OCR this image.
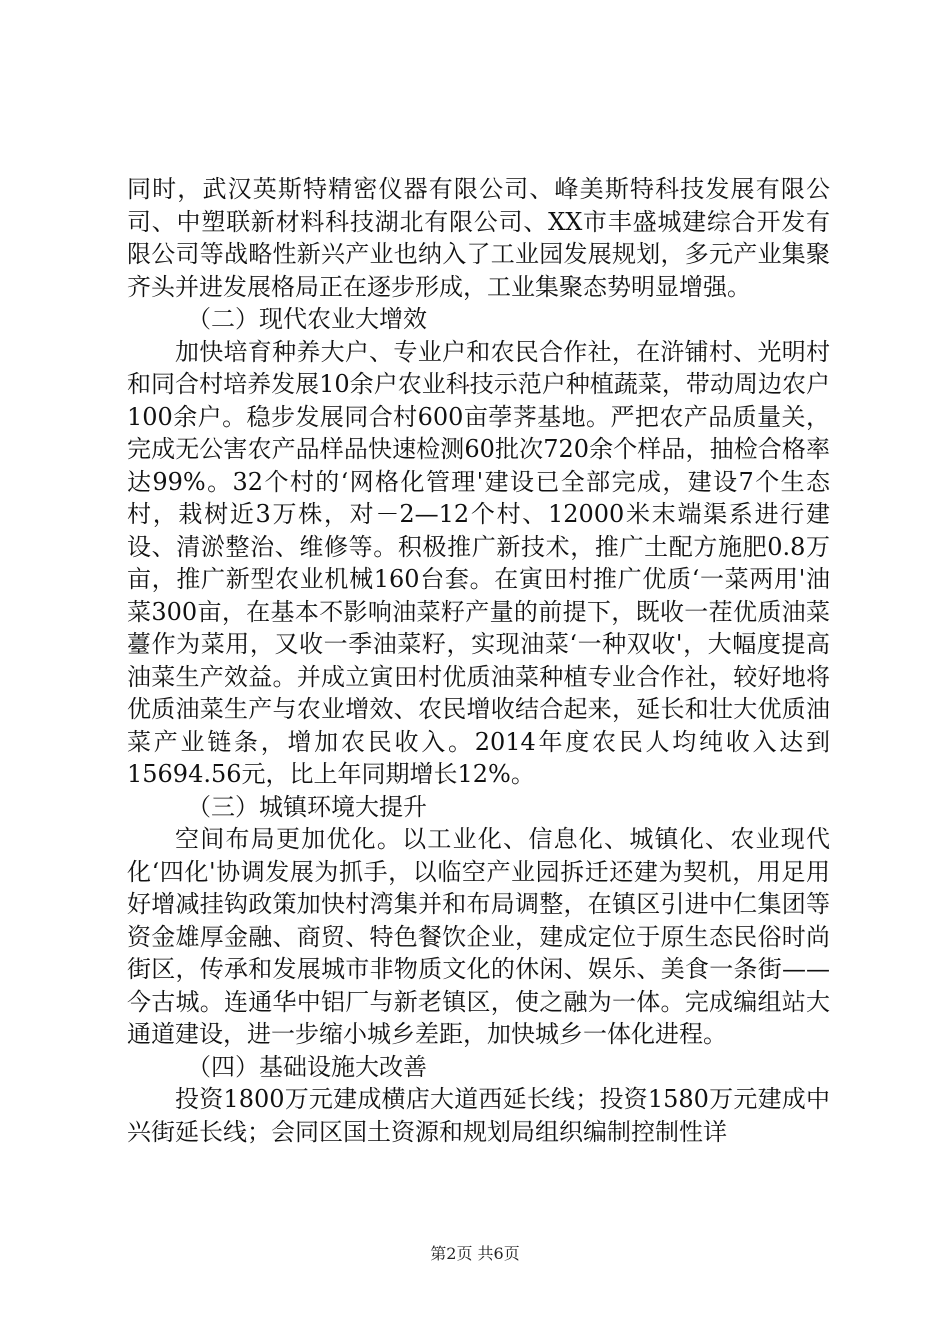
同时，武汉英斯特精密仪器有限公司、峰美斯特科技发展有限公司、中塑联新材料科技湖北有限公司、XX市丰盛城建综合开发有限公司等战略性新兴产业也纳入了工业园发展规划，多元产业集聚齐头并进发展格局正在逐步形成，工业集聚态势明显增强。

（二）现代农业大增效

加快培育种养大户、专业户和农民合作社，在浒铺村、光明村和同合村培养发展10余户农业科技示范户种植蔬菜，带动周边农户100余户。稳步发展同合村600亩荸荠基地。严把农产品质量关，完成无公害农产品样品快速检测60批次720余个样品，抽检合格率达99%。32个村的‘网格化管理'建设已全部完成，建设7个生态村，栽树近3万株，对－2—12个村、12000米末端渠系进行建设、清淤整治、维修等。积极推广新技术，推广土配方施肥0.8万亩，推广新型农业机械160台套。在寅田村推广优质‘一菜两用'油菜300亩，在基本不影响油菜籽产量的前提下，既收一茬优质油菜薹作为菜用，又收一季油菜籽，实现油菜‘一种双收'，大幅度提高油菜生产效益。并成立寅田村优质油菜种植专业合作社，较好地将优质油菜生产与农业增效、农民增收结合起来，延长和壮大优质油菜产业链条，增加农民收入。2014年度农民人均纯收入达到15694.56元，比上年同期增长12%。

（三）城镇环境大提升

空间布局更加优化。以工业化、信息化、城镇化、农业现代化‘四化'协调发展为抓手，以临空产业园拆迁还建为契机，用足用好增减挂钩政策加快村湾集并和布局调整，在镇区引进中仁集团等资金雄厚金融、商贸、特色餐饮企业，建成定位于原生态民俗时尚街区，传承和发展城市非物质文化的休闲、娱乐、美食一条街——今古城。连通华中铝厂与新老镇区，使之融为一体。完成编组站大通道建设，进一步缩小城乡差距，加快城乡一体化进程。

（四）基础设施大改善

投资1800万元建成横店大道西延长线；投资1580万元建成中兴街延长线；会同区国土资源和规划局组织编制控制性详

第2页 共6页
